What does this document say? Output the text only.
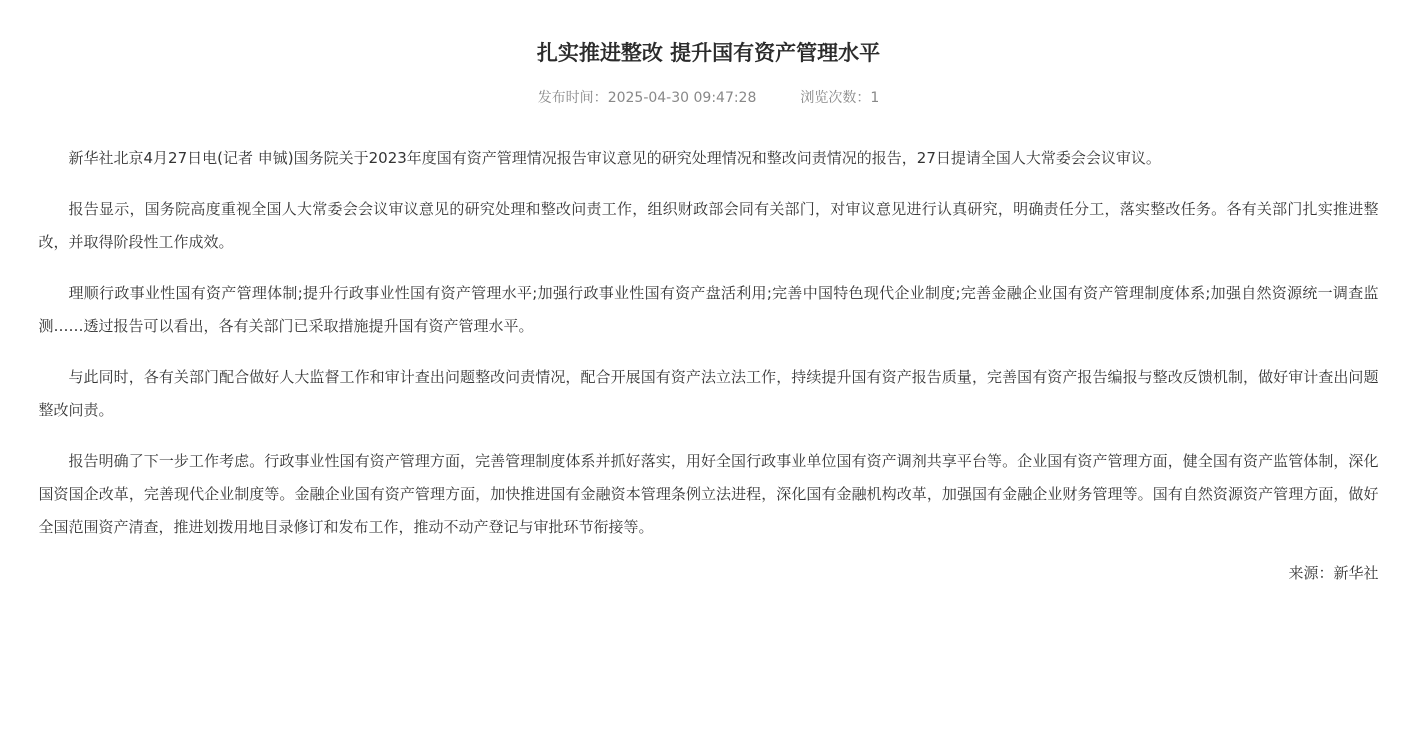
扎实推进整改 提升国有资产管理水平
发布时间：2025-04-30 09:47:28	浏览次数：1

新华社北京4月27日电(记者 申铖)国务院关于2023年度国有资产管理情况报告审议意见的研究处理情况和整改问责情况的报告，27日提请全国人大常委会会议审议。

报告显示，国务院高度重视全国人大常委会会议审议意见的研究处理和整改问责工作，组织财政部会同有关部门，对审议意见进行认真研究，明确责任分工，落实整改任务。各有关部门扎实推进整改，并取得阶段性工作成效。

理顺行政事业性国有资产管理体制;提升行政事业性国有资产管理水平;加强行政事业性国有资产盘活利用;完善中国特色现代企业制度;完善金融企业国有资产管理制度体系;加强自然资源统一调查监测……透过报告可以看出，各有关部门已采取措施提升国有资产管理水平。

与此同时，各有关部门配合做好人大监督工作和审计查出问题整改问责情况，配合开展国有资产法立法工作，持续提升国有资产报告质量，完善国有资产报告编报与整改反馈机制，做好审计查出问题整改问责。

报告明确了下一步工作考虑。行政事业性国有资产管理方面，完善管理制度体系并抓好落实，用好全国行政事业单位国有资产调剂共享平台等。企业国有资产管理方面，健全国有资产监管体制，深化国资国企改革，完善现代企业制度等。金融企业国有资产管理方面，加快推进国有金融资本管理条例立法进程，深化国有金融机构改革，加强国有金融企业财务管理等。国有自然资源资产管理方面，做好全国范围资产清查，推进划拨用地目录修订和发布工作，推动不动产登记与审批环节衔接等。

来源：新华社
